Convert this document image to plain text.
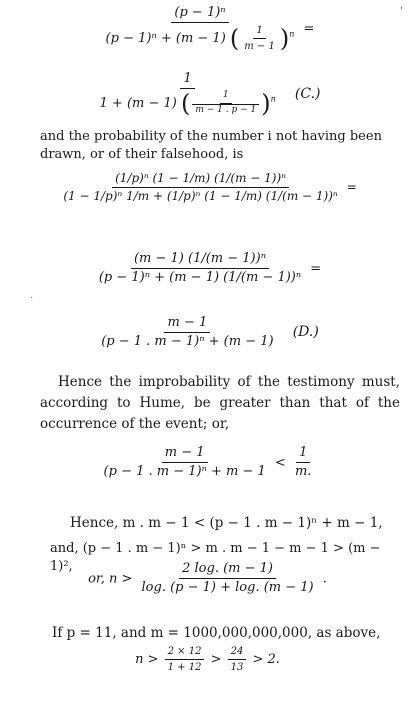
'
$\frac{\text{(p − 1)ⁿ}}{(p - 1)^n + (m - 1) ( \frac{1}{m - 1} )^n}$ =
$\frac{1}{1 + (m - 1) ( \frac{1}{m - 1 . p - 1} )^n} (C.)$
and the probability of the number i not having been drawn, or of their falsehood, is
$\frac{\text{(1/p)ⁿ (1 − 1/m) (1/(m − 1))ⁿ}}{\text{(1 − 1/p)ⁿ 1/m + (1/p)ⁿ (1 − 1/m) (1/(m − 1))ⁿ}}$ =
$\frac{\text{(m − 1) (1/(m − 1))ⁿ}}{\text{(p − 1)ⁿ + (m − 1) (1/(m − 1))ⁿ}}$ =
.
$\frac{m - 1}{\text{(p − 1 . m − 1)ⁿ + (m − 1)}} (D.)$
Hence the improbability of the testimony must, according to Hume, be greater than that of the occurrence of the event; or,
$\frac{m - 1}{\text{(p − 1 . m − 1)ⁿ + m − 1}} < \frac{1}{m.}$
Hence, m . m − 1 < (p − 1 . m − 1)ⁿ + m − 1,
and, (p − 1 . m − 1)ⁿ > m . m − 1 − m − 1 > (m − 1)²,
or, $n > \frac{2 \log. (m - 1)}{\log. (p - 1) + \log. (m - 1)}$ .
If p = 11, and m = 1000,000,000,000, as above,
$n > \frac{2 \times 12}{1 + 12} > \frac{24}{13} > 2$.
